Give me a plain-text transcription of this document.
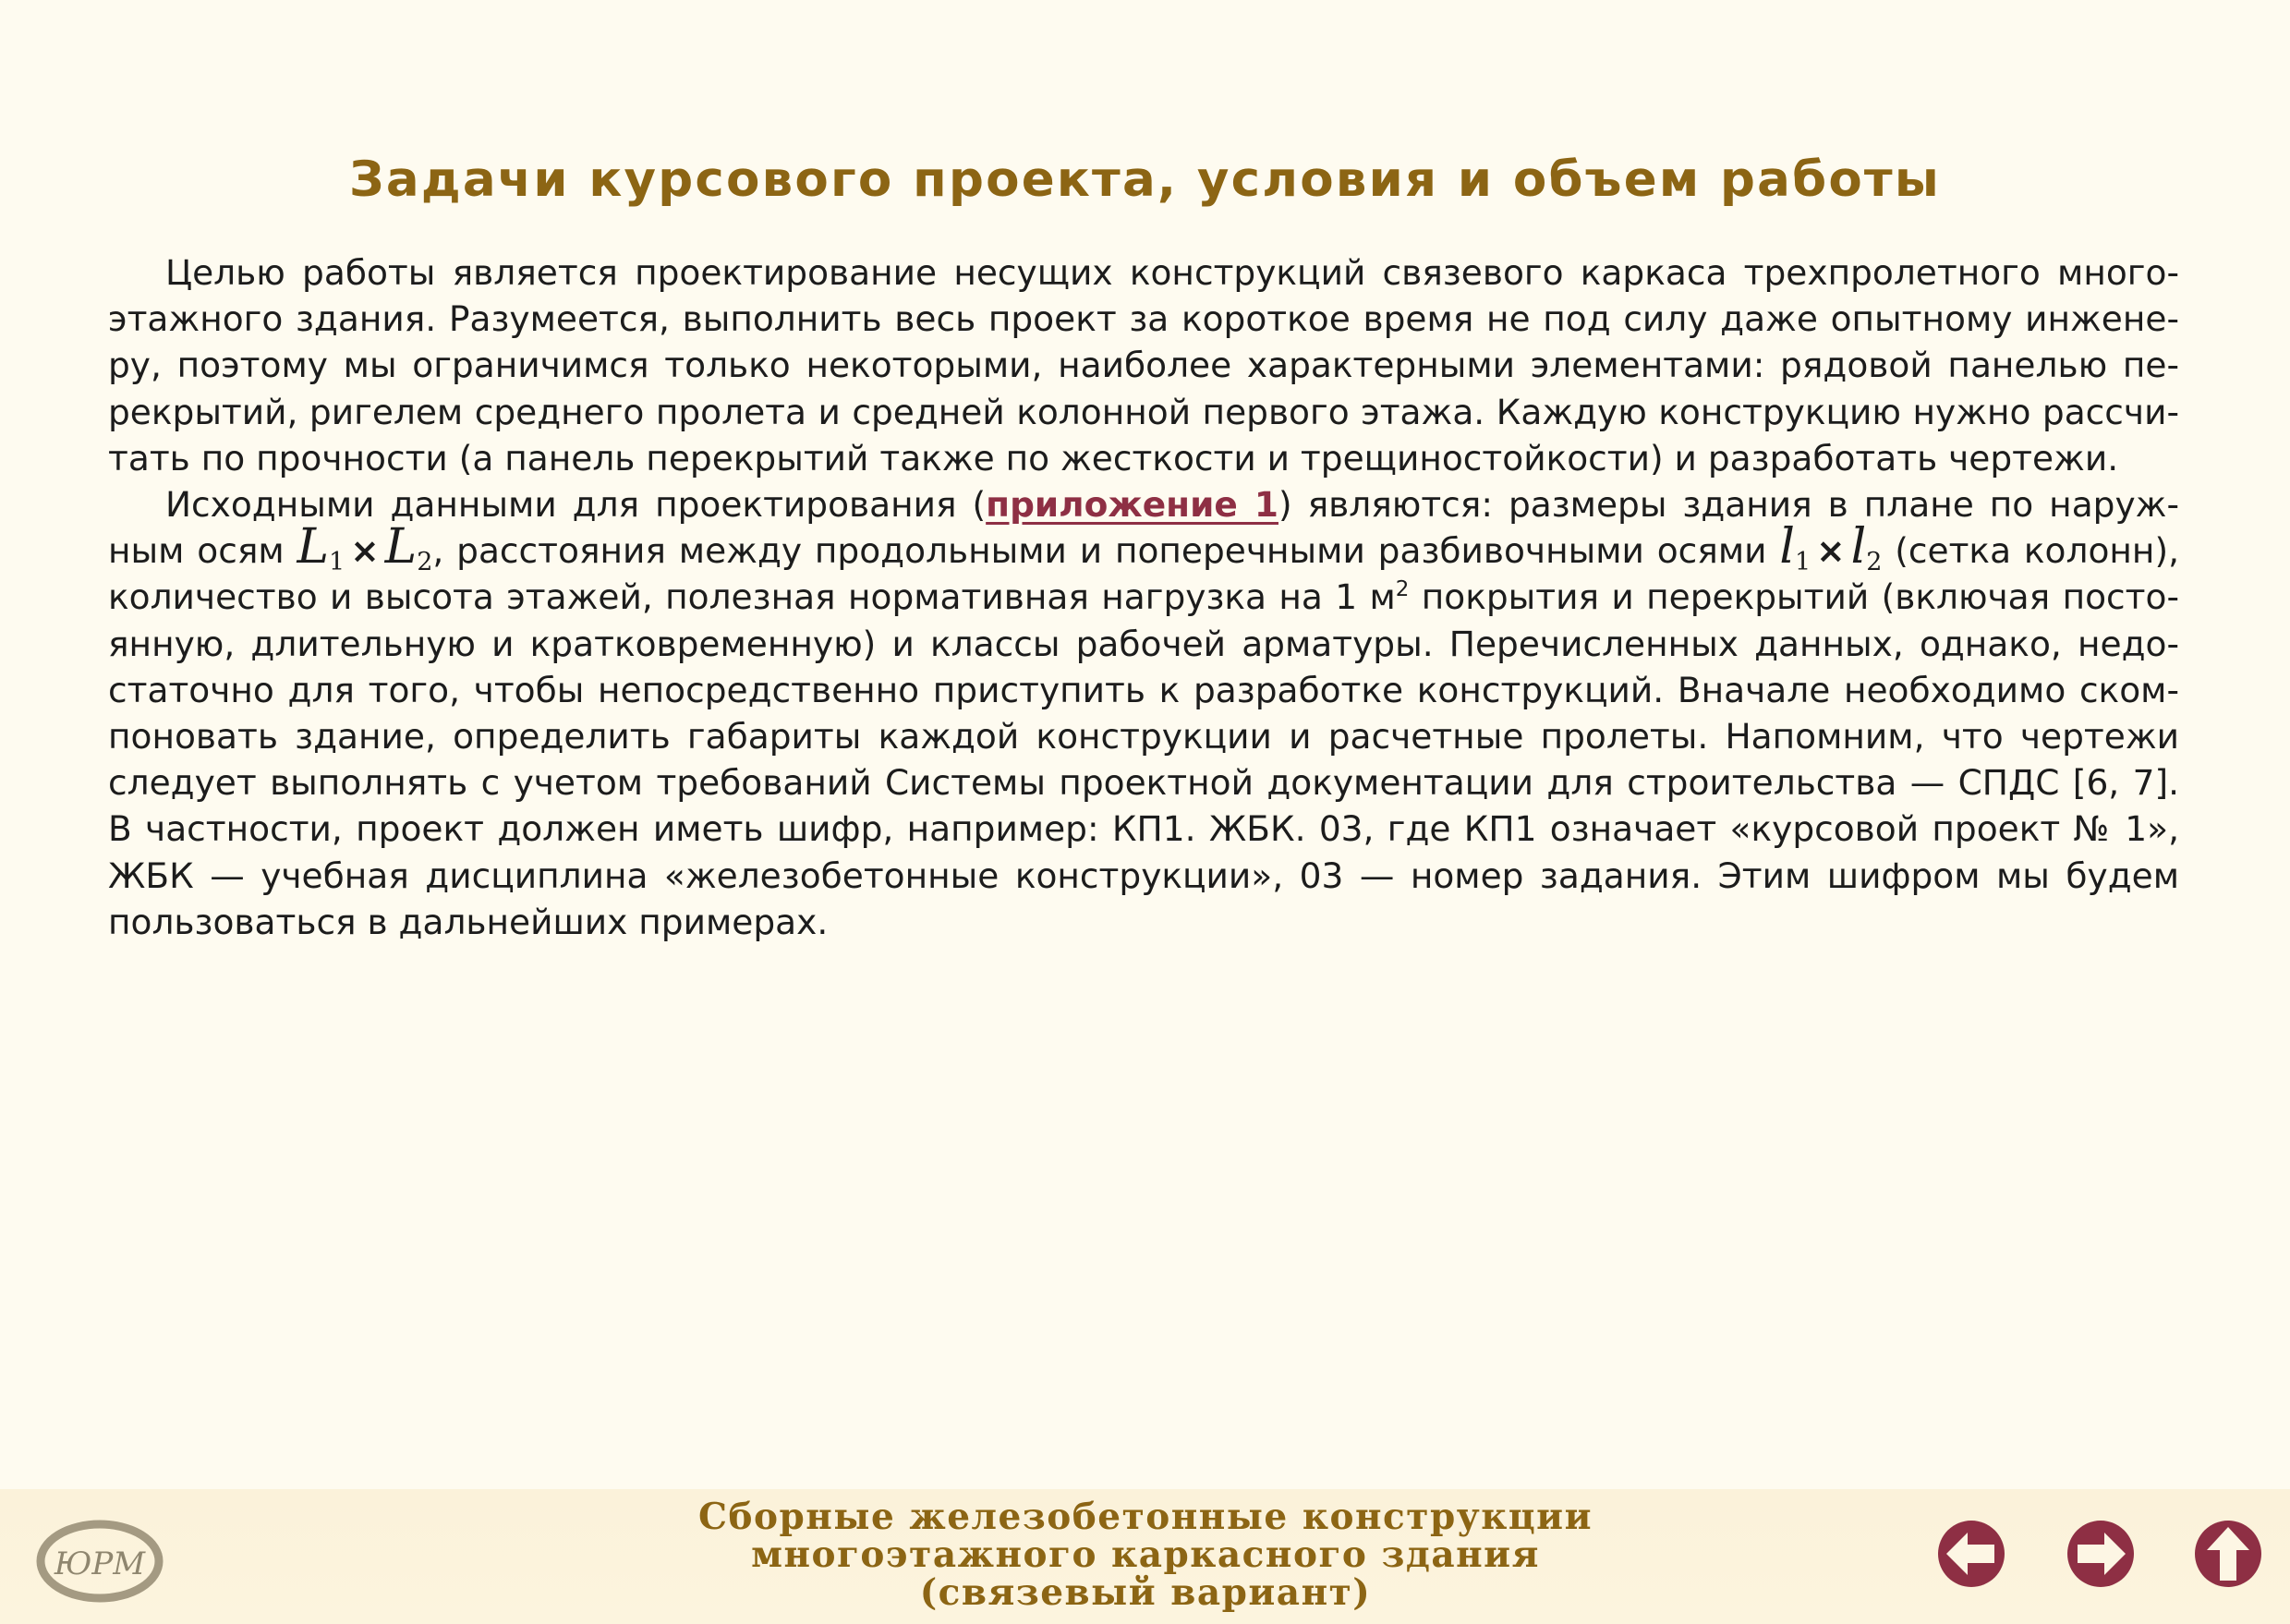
Задачи курсового проекта, условия и объем работы

Целью работы является проектирование несущих конструкций связевого каркаса трехпролетного многоэтажного здания. Разумеется, выполнить весь проект за короткое время не под силу даже опытному инженеру, поэтому мы ограничимся только некоторыми, наиболее характерными элементами: рядовой панелью перекрытий, ригелем среднего пролета и средней колонной первого этажа. Каждую конструкцию нужно рассчитать по прочности (а панель перекрытий также по жесткости и трещиностойкости) и разработать чертежи.

Исходными данными для проектирования (приложение 1) являются: размеры здания в плане по наружным осям $L_1 \times L_2$, расстояния между продольными и поперечными разбивочными осями $l_1 \times l_2$ (сетка колонн), количество и высота этажей, полезная нормативная нагрузка на 1 $м^2$ покрытия и перекрытий (включая постоянную, длительную и кратковременную) и классы рабочей арматуры. Перечисленных данных, однако, недостаточно для того, чтобы непосредственно приступить к разработке конструкций. Вначале необходимо скомпоновать здание, определить габариты каждой конструкции и расчетные пролеты. Напомним, что чертежи следует выполнять с учетом требований Системы проектной документации для строительства — СПДС [6, 7]. В частности, проект должен иметь шифр, например: КП1. ЖБК. 03, где КП1 означает «курсовой проект № 1», ЖБК — учебная дисциплина «железобетонные конструкции», 03 — номер задания. Этим шифром мы будем пользоваться в дальнейших примерах.

ЮРМ
Сборные железобетонные конструкции
многоэтажного каркасного здания
(связевый вариант)
